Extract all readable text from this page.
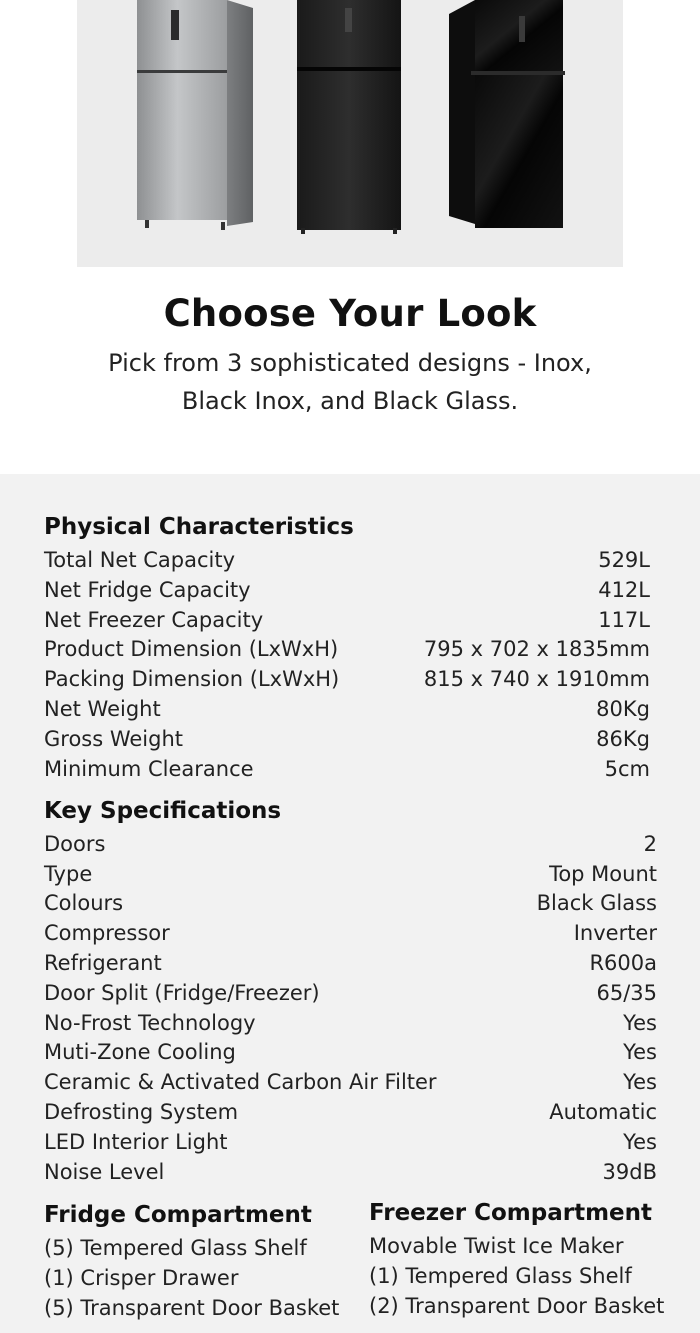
Choose Your Look
Pick from 3 sophisticated designs - Inox,
Black Inox, and Black Glass.
Physical Characteristics
Total Net Capacity	529L
Net Fridge Capacity	412L
Net Freezer Capacity	117L
Product Dimension (LxWxH)	795 x 702 x 1835mm
Packing Dimension (LxWxH)	815 x 740 x 1910mm
Net Weight	80Kg
Gross Weight	86Kg
Minimum Clearance	5cm
Key Specifications
Doors	2
Type	Top Mount
Colours	Black Glass
Compressor	Inverter
Refrigerant	R600a
Door Split (Fridge/Freezer)	65/35
No-Frost Technology	Yes
Muti-Zone Cooling	Yes
Ceramic & Activated Carbon Air Filter	Yes
Defrosting System	Automatic
LED Interior Light	Yes
Noise Level	39dB
Fridge Compartment
(5) Tempered Glass Shelf
(1) Crisper Drawer
(5) Transparent Door Basket
Freezer Compartment
Movable Twist Ice Maker
(1) Tempered Glass Shelf
(2) Transparent Door Basket
